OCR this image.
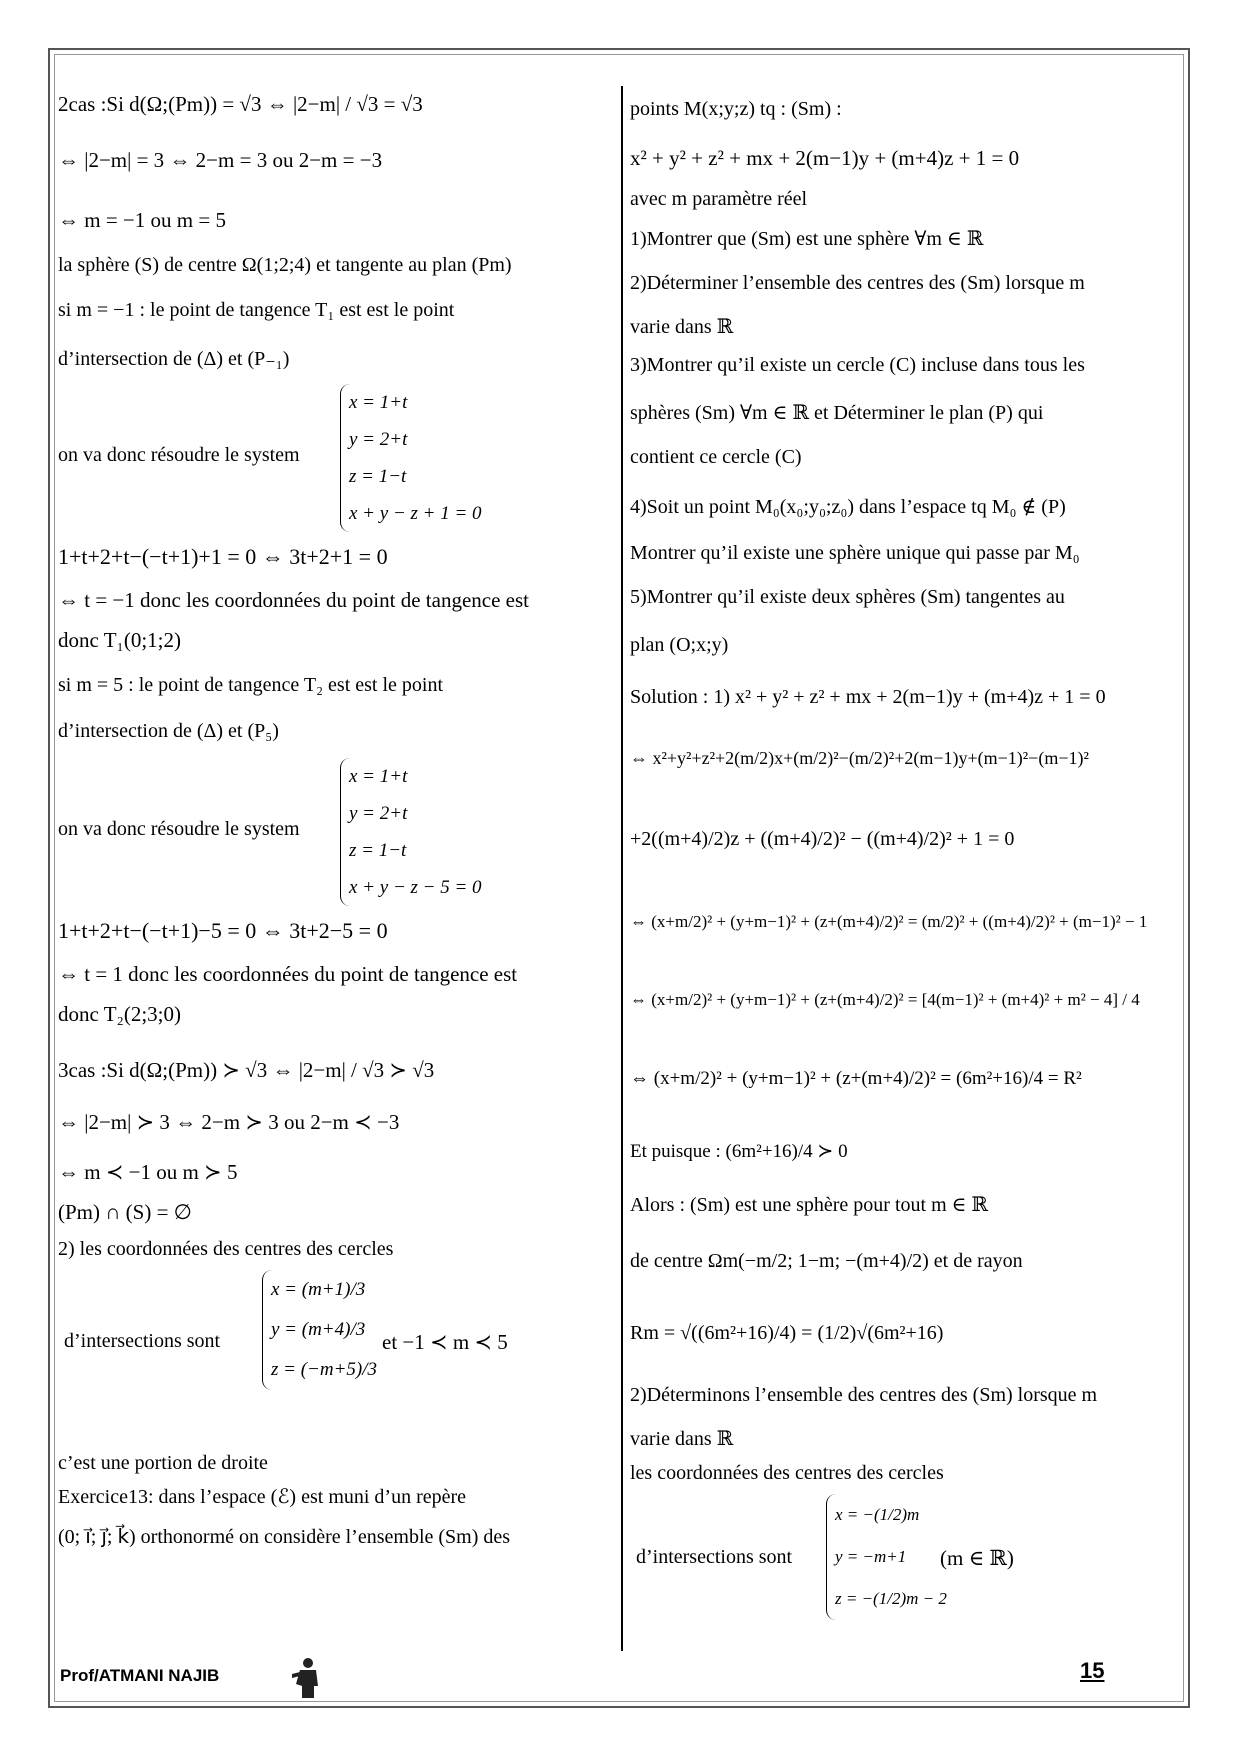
2cas :Si d(Ω;(Pm)) = √3 ⇔ |2−m| / √3 = √3
⇔ |2−m| = 3 ⇔ 2−m = 3 ou 2−m = −3
⇔ m = −1 ou m = 5
la sphère (S) de centre Ω(1;2;4) et tangente au plan (Pm)
si m = −1 : le point de tangence T₁ est est le point
d’intersection de (Δ) et (P₋₁)
on va donc résoudre le system
x = 1+t
y = 2+t
z = 1−t
x + y − z + 1 = 0
1+t+2+t−(−t+1)+1 = 0 ⇔ 3t+2+1 = 0
⇔ t = −1 donc les coordonnées du point de tangence est
donc T₁(0;1;2)
si m = 5 : le point de tangence T₂ est est le point
d’intersection de (Δ) et (P₅)
on va donc résoudre le system
x = 1+t
y = 2+t
z = 1−t
x + y − z − 5 = 0
1+t+2+t−(−t+1)−5 = 0 ⇔ 3t+2−5 = 0
⇔ t = 1 donc les coordonnées du point de tangence est
donc T₂(2;3;0)
3cas :Si d(Ω;(Pm)) ≻ √3 ⇔ |2−m| / √3 ≻ √3
⇔ |2−m| ≻ 3 ⇔ 2−m ≻ 3 ou 2−m ≺ −3
⇔ m ≺ −1 ou m ≻ 5
(Pm) ∩ (S) = ∅
2) les coordonnées des centres des cercles
d’intersections sont
x = (m+1)/3
y = (m+4)/3
z = (−m+5)/3
et −1 ≺ m ≺ 5
c’est une portion de droite
Exercice13: dans l’espace (ℰ) est muni d’un repère
(0; i⃗; j⃗; k⃗) orthonormé on considère l’ensemble (Sm) des
points M(x;y;z) tq : (Sm) :
x² + y² + z² + mx + 2(m−1)y + (m+4)z + 1 = 0
avec m paramètre réel
1)Montrer que (Sm) est une sphère ∀m ∈ ℝ
2)Déterminer l’ensemble des centres des (Sm) lorsque m
varie dans ℝ
3)Montrer qu’il existe un cercle (C) incluse dans tous les
sphères (Sm) ∀m ∈ ℝ et Déterminer le plan (P) qui
contient ce cercle (C)
4)Soit un point M₀(x₀;y₀;z₀) dans l’espace tq M₀ ∉ (P)
Montrer qu’il existe une sphère unique qui passe par M₀
5)Montrer qu’il existe deux sphères (Sm) tangentes au
plan (O;x;y)
Solution : 1) x² + y² + z² + mx + 2(m−1)y + (m+4)z + 1 = 0
⇔ x²+y²+z²+2(m/2)x+(m/2)²−(m/2)²+2(m−1)y+(m−1)²−(m−1)²
+2((m+4)/2)z + ((m+4)/2)² − ((m+4)/2)² + 1 = 0
⇔ (x+m/2)² + (y+m−1)² + (z+(m+4)/2)² = (m/2)² + ((m+4)/2)² + (m−1)² − 1
⇔ (x+m/2)² + (y+m−1)² + (z+(m+4)/2)² = [4(m−1)² + (m+4)² + m² − 4] / 4
⇔ (x+m/2)² + (y+m−1)² + (z+(m+4)/2)² = (6m²+16)/4 = R²
Et puisque : (6m²+16)/4 ≻ 0
Alors : (Sm) est une sphère pour tout m ∈ ℝ
de centre Ωm(−m/2; 1−m; −(m+4)/2) et de rayon
Rm = √((6m²+16)/4) = (1/2)√(6m²+16)
2)Déterminons l’ensemble des centres des (Sm) lorsque m
varie dans ℝ
les coordonnées des centres des cercles
d’intersections sont
x = −(1/2)m
y = −m+1
z = −(1/2)m − 2
(m ∈ ℝ)
Prof/ATMANI NAJIB	15
